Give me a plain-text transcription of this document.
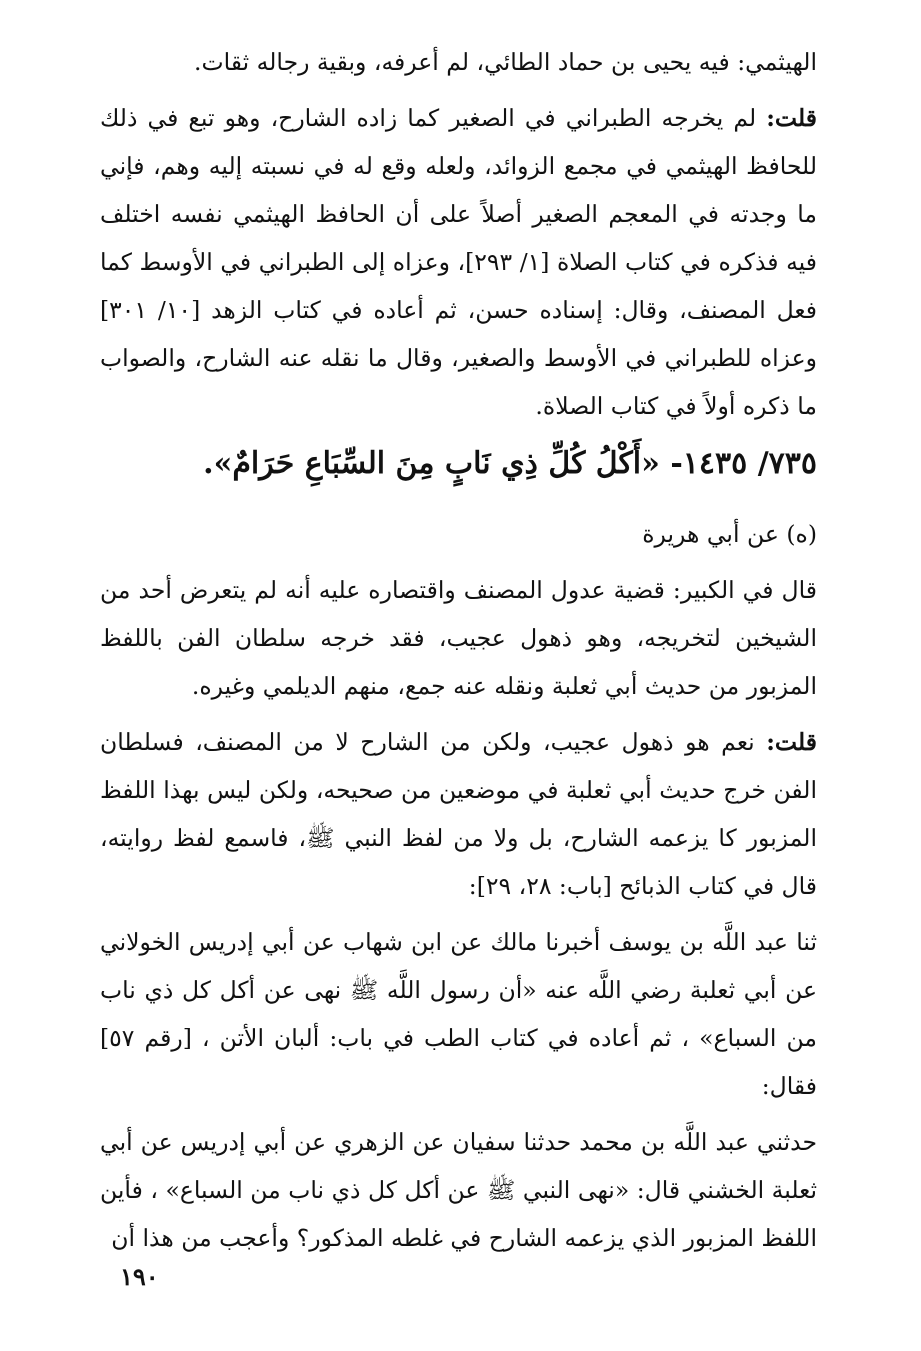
الهيثمي: فيه يحيى بن حماد الطائي، لم أعرفه، وبقية رجاله ثقات.

قلت: لم يخرجه الطبراني في الصغير كما زاده الشارح، وهو تبع في ذلك للحافظ الهيثمي في مجمع الزوائد، ولعله وقع له في نسبته إليه وهم، فإني ما وجدته في المعجم الصغير أصلاً على أن الحافظ الهيثمي نفسه اختلف فيه فذكره في كتاب الصلاة [١/ ٢٩٣]، وعزاه إلى الطبراني في الأوسط كما فعل المصنف، وقال: إسناده حسن، ثم أعاده في كتاب الزهد [١٠/ ٣٠١] وعزاه للطبراني في الأوسط والصغير، وقال ما نقله عنه الشارح، والصواب ما ذكره أولاً في كتاب الصلاة.

٧٣٥/ ١٤٣٥- «أَكْلُ كُلِّ ذِي نَابٍ مِنَ السِّبَاعِ حَرَامٌ».
(ه) عن أبي هريرة

قال في الكبير: قضية عدول المصنف واقتصاره عليه أنه لم يتعرض أحد من الشيخين لتخريجه، وهو ذهول عجيب، فقد خرجه سلطان الفن باللفظ المزبور من حديث أبي ثعلبة ونقله عنه جمع، منهم الديلمي وغيره.

قلت: نعم هو ذهول عجيب، ولكن من الشارح لا من المصنف، فسلطان الفن خرج حديث أبي ثعلبة في موضعين من صحيحه، ولكن ليس بهذا اللفظ المزبور كا يزعمه الشارح، بل ولا من لفظ النبي ﷺ، فاسمع لفظ روايته، قال في كتاب الذبائح [باب: ٢٨، ٢٩]:

ثنا عبد اللَّه بن يوسف أخبرنا مالك عن ابن شهاب عن أبي إدريس الخولاني عن أبي ثعلبة رضي اللَّه عنه «أن رسول اللَّه ﷺ نهى عن أكل كل ذي ناب من السباع» ، ثم أعاده في كتاب الطب في باب: ألبان الأتن ، [رقم ٥٧] فقال:

حدثني عبد اللَّه بن محمد حدثنا سفيان عن الزهري عن أبي إدريس عن أبي ثعلبة الخشني قال: «نهى النبي ﷺ عن أكل كل ذي ناب من السباع» ، فأين اللفظ المزبور الذي يزعمه الشارح في غلطه المذكور؟ وأعجب من هذا أن

١٩٠
